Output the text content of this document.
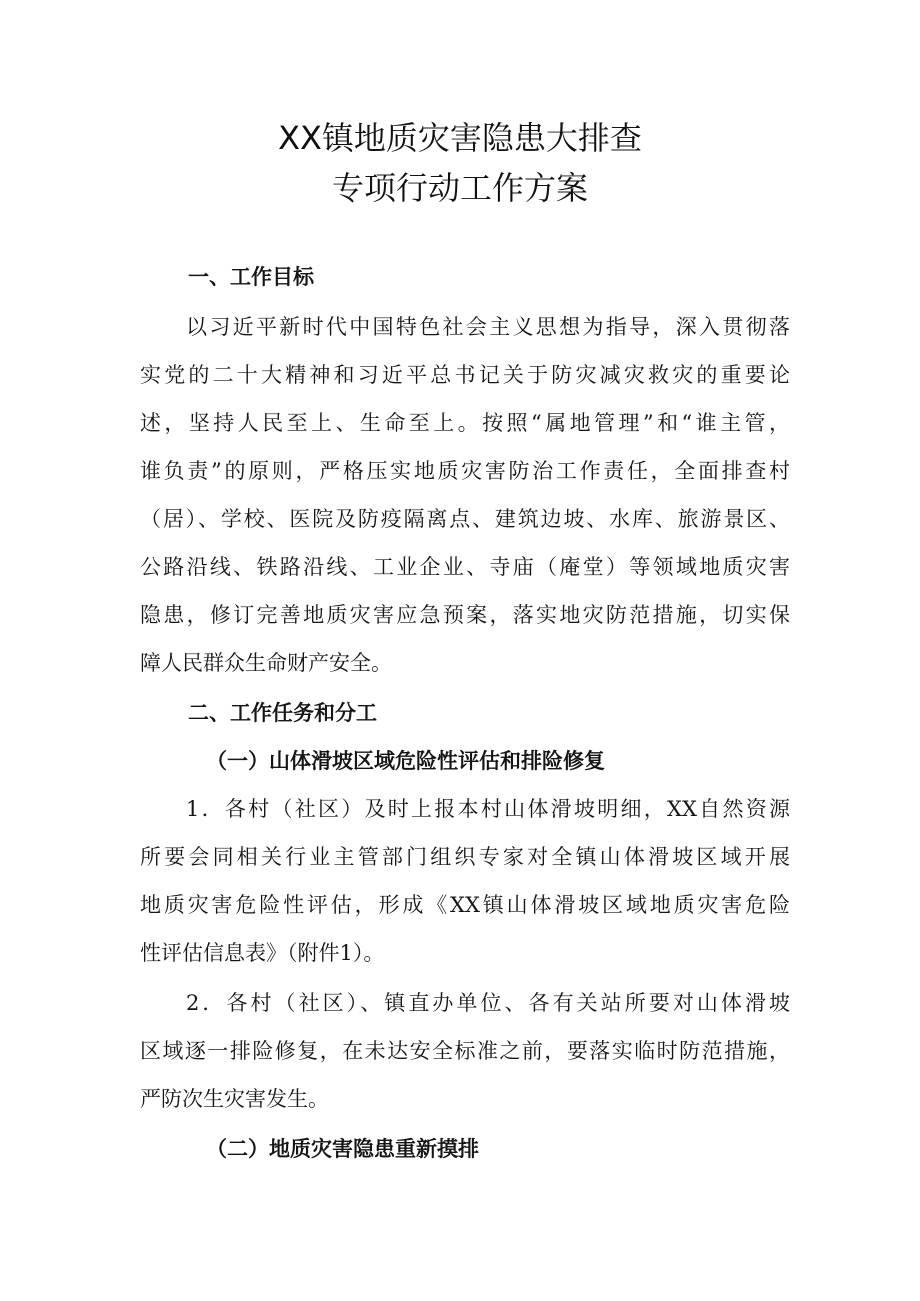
XX镇地质灾害隐患大排查
专项行动工作方案
一、工作目标
以习近平新时代中国特色社会主义思想为指导，深入贯彻落
实党的二十大精神和习近平总书记关于防灾减灾救灾的重要论
述，坚持人民至上、生命至上。按照“属地管理”和“谁主管，
谁负责”的原则，严格压实地质灾害防治工作责任，全面排查村
（居）、学校、医院及防疫隔离点、建筑边坡、水库、旅游景区、
公路沿线、铁路沿线、工业企业、寺庙（庵堂）等领域地质灾害
隐患，修订完善地质灾害应急预案，落实地灾防范措施，切实保
障人民群众生命财产安全。
二、工作任务和分工
（一）山体滑坡区域危险性评估和排险修复
1．各村（社区）及时上报本村山体滑坡明细，XX自然资源
所要会同相关行业主管部门组织专家对全镇山体滑坡区域开展
地质灾害危险性评估，形成《XX镇山体滑坡区域地质灾害危险
性评估信息表》（附件1）。
2．各村（社区）、镇直办单位、各有关站所要对山体滑坡
区域逐一排险修复，在未达安全标准之前，要落实临时防范措施，
严防次生灾害发生。
（二）地质灾害隐患重新摸排
